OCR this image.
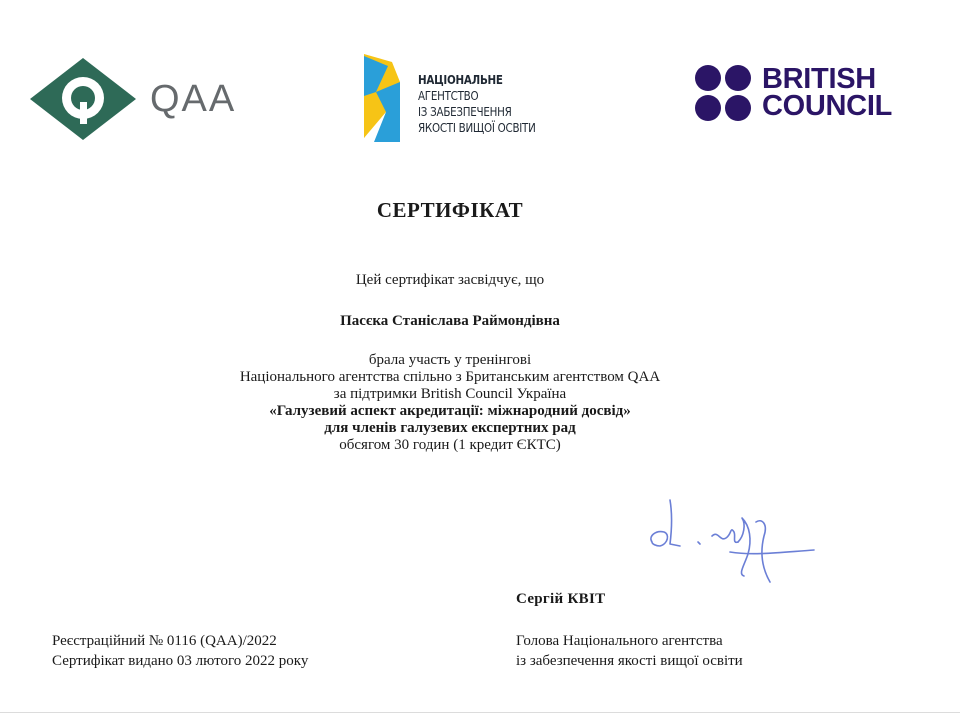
QAA	НАЦІОНАЛЬНЕ
АГЕНТСТВО
ІЗ ЗАБЕЗПЕЧЕННЯ
ЯКОСТІ ВИЩОЇ ОСВІТИ
BRITISH
COUNCIL
СЕРТИФІКАТ
Цей сертифікат засвідчує, що
Пасєка Станіслава Раймондівна
брала участь у тренінгові
Національного агентства спільно з Британським агентством QAA
за підтримки British Council Україна
«Галузевий аспект акредитації: міжнародний досвід»
для членів галузевих експертних рад
обсягом 30 годин (1 кредит ЄКТС)
Сергій КВІТ
Реєстраційний № 0116 (QAA)/2022
Сертифікат видано 03 лютого 2022 року
Голова Національного агентства
із забезпечення якості вищої освіти
